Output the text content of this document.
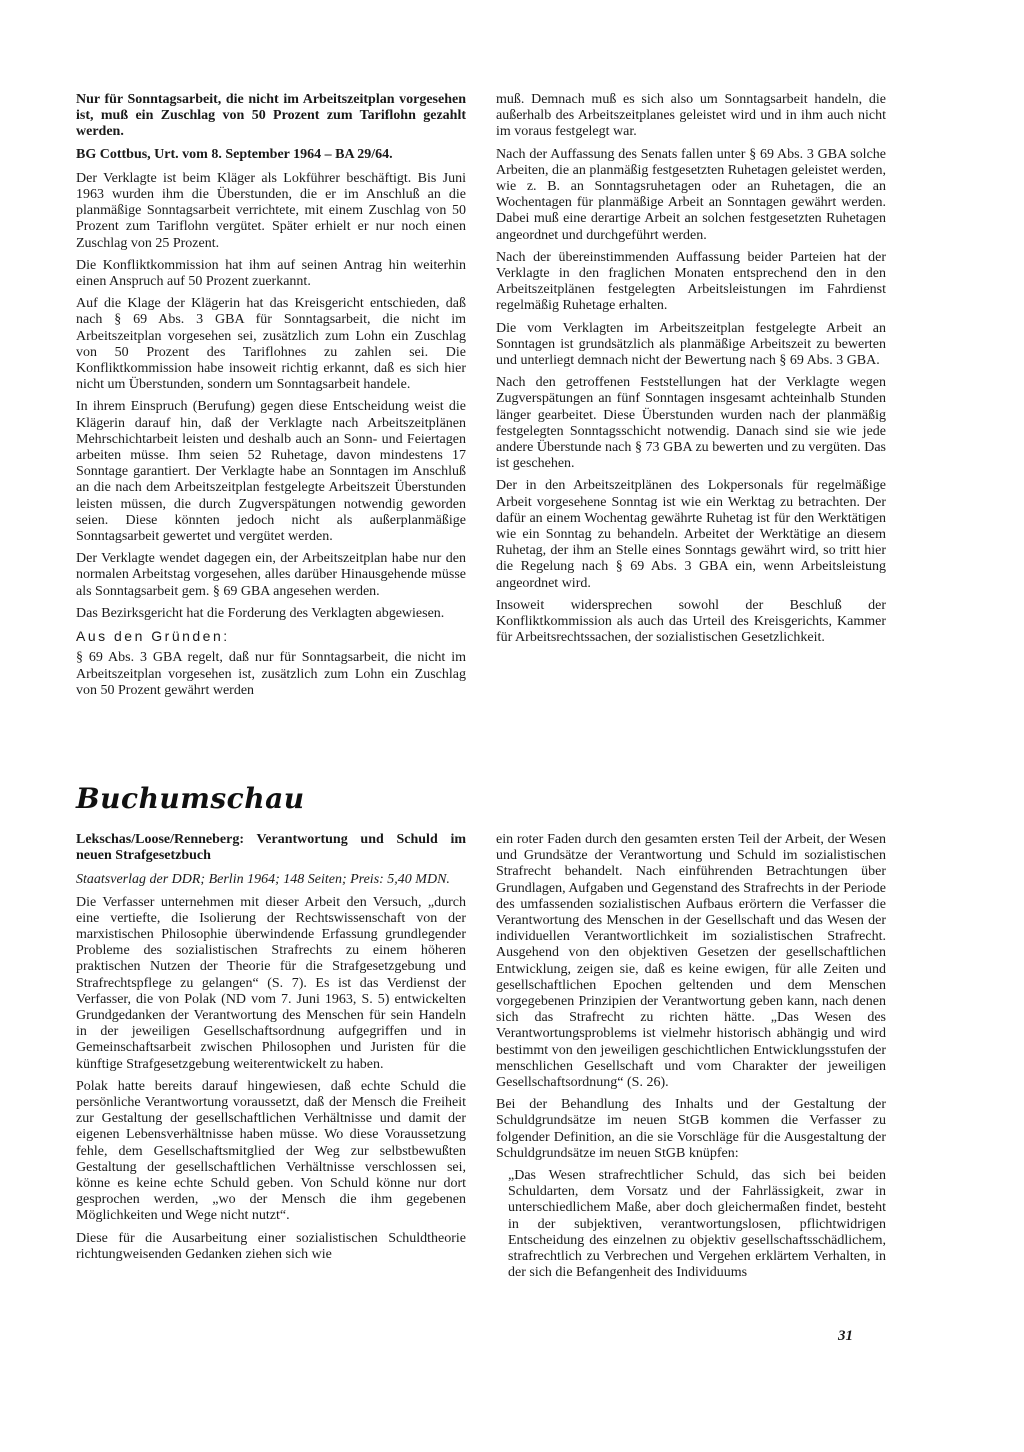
Nur für Sonntagsarbeit, die nicht im Arbeitszeitplan vorgesehen ist, muß ein Zuschlag von 50 Prozent zum Tariflohn gezahlt werden.

BG Cottbus, Urt. vom 8. September 1964 – BA 29/64.

Der Verklagte ist beim Kläger als Lokführer beschäftigt. Bis Juni 1963 wurden ihm die Überstunden, die er im Anschluß an die planmäßige Sonntagsarbeit verrichtete, mit einem Zuschlag von 50 Prozent zum Tariflohn vergütet. Später erhielt er nur noch einen Zuschlag von 25 Prozent.

Die Konfliktkommission hat ihm auf seinen Antrag hin weiterhin einen Anspruch auf 50 Prozent zuerkannt.

Auf die Klage der Klägerin hat das Kreisgericht entschieden, daß nach § 69 Abs. 3 GBA für Sonntagsarbeit, die nicht im Arbeitszeitplan vorgesehen sei, zusätzlich zum Lohn ein Zuschlag von 50 Prozent des Tariflohnes zu zahlen sei. Die Konfliktkommission habe insoweit richtig erkannt, daß es sich hier nicht um Überstunden, sondern um Sonntagsarbeit handele.

In ihrem Einspruch (Berufung) gegen diese Entscheidung weist die Klägerin darauf hin, daß der Verklagte nach Arbeitszeitplänen Mehrschichtarbeit leisten und deshalb auch an Sonn- und Feiertagen arbeiten müsse. Ihm seien 52 Ruhetage, davon mindestens 17 Sonntage garantiert. Der Verklagte habe an Sonntagen im Anschluß an die nach dem Arbeitszeitplan festgelegte Arbeitszeit Überstunden leisten müssen, die durch Zugverspätungen notwendig geworden seien. Diese könnten jedoch nicht als außerplanmäßige Sonntagsarbeit gewertet und vergütet werden.

Der Verklagte wendet dagegen ein, der Arbeitszeitplan habe nur den normalen Arbeitstag vorgesehen, alles darüber Hinausgehende müsse als Sonntagsarbeit gem. § 69 GBA angesehen werden.

Das Bezirksgericht hat die Forderung des Verklagten abgewiesen.

Aus den Gründen:

§ 69 Abs. 3 GBA regelt, daß nur für Sonntagsarbeit, die nicht im Arbeitszeitplan vorgesehen ist, zusätzlich zum Lohn ein Zuschlag von 50 Prozent gewährt werden

muß. Demnach muß es sich also um Sonntagsarbeit handeln, die außerhalb des Arbeitszeitplanes geleistet wird und in ihm auch nicht im voraus festgelegt war.

Nach der Auffassung des Senats fallen unter § 69 Abs. 3 GBA solche Arbeiten, die an planmäßig festgesetzten Ruhetagen geleistet werden, wie z. B. an Sonntagsruhetagen oder an Ruhetagen, die an Wochentagen für planmäßige Arbeit an Sonntagen gewährt werden. Dabei muß eine derartige Arbeit an solchen festgesetzten Ruhetagen angeordnet und durchgeführt werden.

Nach der übereinstimmenden Auffassung beider Parteien hat der Verklagte in den fraglichen Monaten entsprechend den in den Arbeitszeitplänen festgelegten Arbeitsleistungen im Fahrdienst regelmäßig Ruhetage erhalten.

Die vom Verklagten im Arbeitszeitplan festgelegte Arbeit an Sonntagen ist grundsätzlich als planmäßige Arbeitszeit zu bewerten und unterliegt demnach nicht der Bewertung nach § 69 Abs. 3 GBA.

Nach den getroffenen Feststellungen hat der Verklagte wegen Zugverspätungen an fünf Sonntagen insgesamt achteinhalb Stunden länger gearbeitet. Diese Überstunden wurden nach der planmäßig festgelegten Sonntagsschicht notwendig. Danach sind sie wie jede andere Überstunde nach § 73 GBA zu bewerten und zu vergüten. Das ist geschehen.

Der in den Arbeitszeitplänen des Lokpersonals für regelmäßige Arbeit vorgesehene Sonntag ist wie ein Werktag zu betrachten. Der dafür an einem Wochentag gewährte Ruhetag ist für den Werktätigen wie ein Sonntag zu behandeln. Arbeitet der Werktätige an diesem Ruhetag, der ihm an Stelle eines Sonntags gewährt wird, so tritt hier die Regelung nach § 69 Abs. 3 GBA ein, wenn Arbeitsleistung angeordnet wird.

Insoweit widersprechen sowohl der Beschluß der Konfliktkommission als auch das Urteil des Kreisgerichts, Kammer für Arbeitsrechtssachen, der sozialistischen Gesetzlichkeit.

Buchumschau

Lekschas/Loose/Renneberg: Verantwortung und Schuld im neuen Strafgesetzbuch

Staatsverlag der DDR; Berlin 1964; 148 Seiten; Preis: 5,40 MDN.

Die Verfasser unternehmen mit dieser Arbeit den Versuch, „durch eine vertiefte, die Isolierung der Rechtswissenschaft von der marxistischen Philosophie überwindende Erfassung grundlegender Probleme des sozialistischen Strafrechts zu einem höheren praktischen Nutzen der Theorie für die Strafgesetzgebung und Strafrechtspflege zu gelangen“ (S. 7). Es ist das Verdienst der Verfasser, die von Polak (ND vom 7. Juni 1963, S. 5) entwickelten Grundgedanken der Verantwortung des Menschen für sein Handeln in der jeweiligen Gesellschaftsordnung aufgegriffen und in Gemeinschaftsarbeit zwischen Philosophen und Juristen für die künftige Strafgesetzgebung weiterentwickelt zu haben.

Polak hatte bereits darauf hingewiesen, daß echte Schuld die persönliche Verantwortung voraussetzt, daß der Mensch die Freiheit zur Gestaltung der gesellschaftlichen Verhältnisse und damit der eigenen Lebensverhältnisse haben müsse. Wo diese Voraussetzung fehle, dem Gesellschaftsmitglied der Weg zur selbstbewußten Gestaltung der gesellschaftlichen Verhältnisse verschlossen sei, könne es keine echte Schuld geben. Von Schuld könne nur dort gesprochen werden, „wo der Mensch die ihm gegebenen Möglichkeiten und Wege nicht nutzt“.

Diese für die Ausarbeitung einer sozialistischen Schuldtheorie richtungweisenden Gedanken ziehen sich wie

ein roter Faden durch den gesamten ersten Teil der Arbeit, der Wesen und Grundsätze der Verantwortung und Schuld im sozialistischen Strafrecht behandelt. Nach einführenden Betrachtungen über Grundlagen, Aufgaben und Gegenstand des Strafrechts in der Periode des umfassenden sozialistischen Aufbaus erörtern die Verfasser die Verantwortung des Menschen in der Gesellschaft und das Wesen der individuellen Verantwortlichkeit im sozialistischen Strafrecht. Ausgehend von den objektiven Gesetzen der gesellschaftlichen Entwicklung, zeigen sie, daß es keine ewigen, für alle Zeiten und gesellschaftlichen Epochen geltenden und dem Menschen vorgegebenen Prinzipien der Verantwortung geben kann, nach denen sich das Strafrecht zu richten hätte. „Das Wesen des Verantwortungsproblems ist vielmehr historisch abhängig und wird bestimmt von den jeweiligen geschichtlichen Entwicklungsstufen der menschlichen Gesellschaft und vom Charakter der jeweiligen Gesellschaftsordnung“ (S. 26).

Bei der Behandlung des Inhalts und der Gestaltung der Schuldgrundsätze im neuen StGB kommen die Verfasser zu folgender Definition, an die sie Vorschläge für die Ausgestaltung der Schuldgrundsätze im neuen StGB knüpfen:

„Das Wesen strafrechtlicher Schuld, das sich bei beiden Schuldarten, dem Vorsatz und der Fahrlässigkeit, zwar in unterschiedlichem Maße, aber doch gleichermaßen findet, besteht in der subjektiven, verantwortungslosen, pflichtwidrigen Entscheidung des einzelnen zu objektiv gesellschaftsschädlichem, strafrechtlich zu Verbrechen und Vergehen erklärtem Verhalten, in der sich die Befangenheit des Individuums

31
